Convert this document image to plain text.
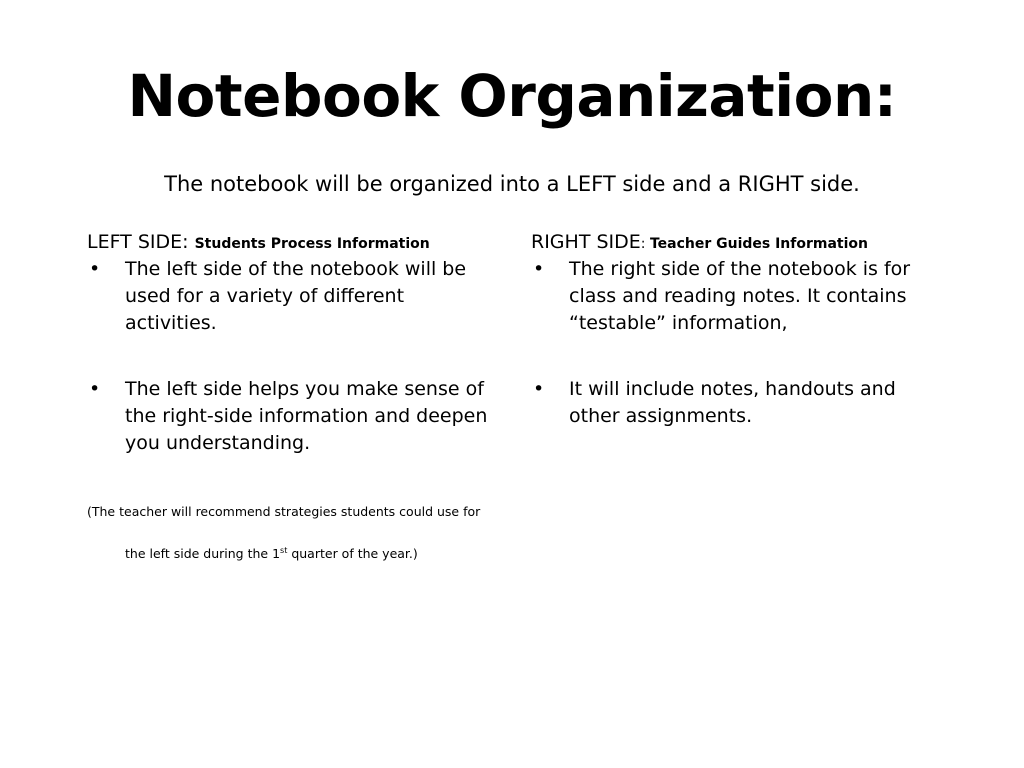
Notebook Organization:

The notebook will be organized into a LEFT side and a RIGHT side.

LEFT SIDE: Students Process Information
• The left side of the notebook will be used for a variety of different activities.
• The left side helps you make sense of the right-side information and deepen you understanding.
(The teacher will recommend strategies students could use for
the left side during the 1st quarter of the year.)
RIGHT SIDE: Teacher Guides Information
• The right side of the notebook is for class and reading notes. It contains “testable” information,
• It will include notes, handouts and other assignments.
